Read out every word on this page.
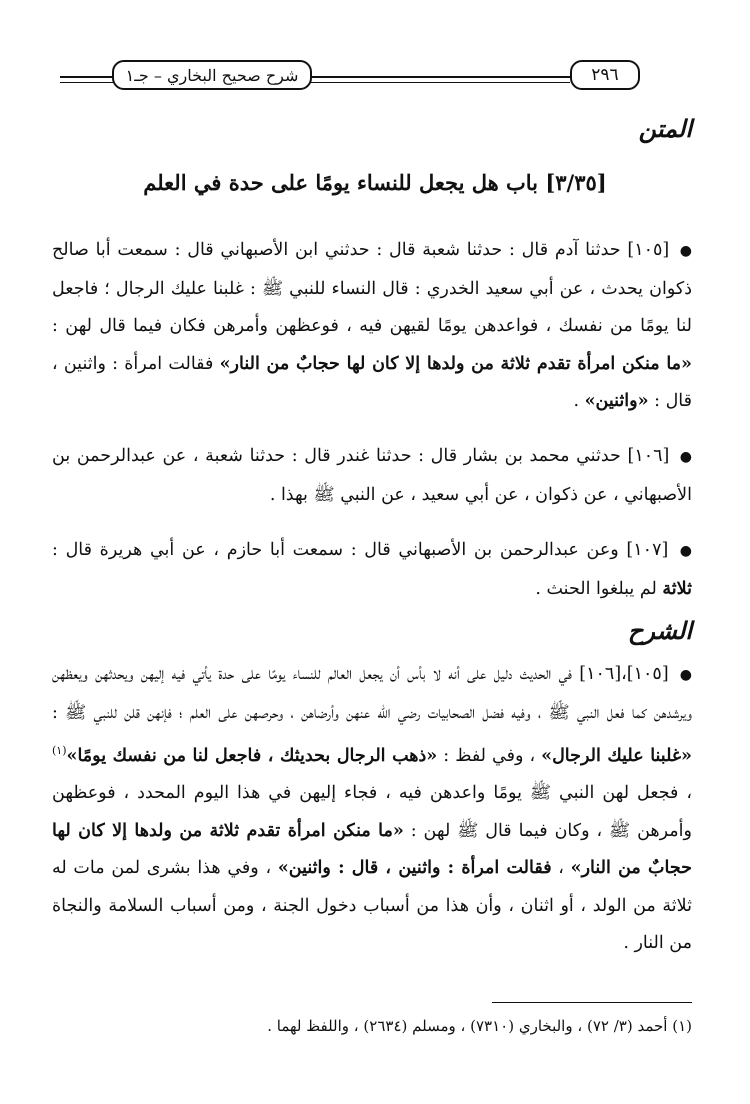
٢٩٦
شرح صحيح البخاري – جـ١
المتن
[٣/٣٥] باب هل يجعل للنساء يومًا على حدة في العلم
● [١٠٥] حدثنا آدم قال : حدثنا شعبة قال : حدثني ابن الأصبهاني قال : سمعت أبا صالح ذكوان يحدث ، عن أبي سعيد الخدري : قال النساء للنبي ﷺ : غلبنا عليك الرجال ؛ فاجعل لنا يومًا من نفسك ، فواعدهن يومًا لقيهن فيه ، فوعظهن وأمرهن فكان فيما قال لهن : «ما منكن امرأة تقدم ثلاثة من ولدها إلا كان لها حجابٌ من النار» فقالت امرأة : واثنين ، قال : «واثنين» .
● [١٠٦] حدثني محمد بن بشار قال : حدثنا غندر قال : حدثنا شعبة ، عن عبدالرحمن بن الأصبهاني ، عن ذكوان ، عن أبي سعيد ، عن النبي ﷺ بهذا .
● [١٠٧] وعن عبدالرحمن بن الأصبهاني قال : سمعت أبا حازم ، عن أبي هريرة قال : ثلاثة لم يبلغوا الحنث .
الشرح
● [١٠٥]،[١٠٦] في الحديث دليل على أنه لا بأس أن يجعل العالم للنساء يومًا على حدة يأتي فيه إليهن ويحدثهن ويعظهن ويرشدهن كما فعل النبي ﷺ ، وفيه فضل الصحابيات رضي الله عنهن وأرضاهن ، وحرصهن على العلم ؛ فإنهن قلن للنبي ﷺ : «غلبنا عليك الرجال» ، وفي لفظ : «ذهب الرجال بحديثك ، فاجعل لنا من نفسك يومًا»$^{(١)}$ ، فجعل لهن النبي ﷺ يومًا واعدهن فيه ، فجاء إليهن في هذا اليوم المحدد ، فوعظهن وأمرهن ﷺ ، وكان فيما قال ﷺ لهن : «ما منكن امرأة تقدم ثلاثة من ولدها إلا كان لها حجابٌ من النار» ، فقالت امرأة : واثنين ، قال : واثنين» ، وفي هذا بشرى لمن مات له ثلاثة من الولد ، أو اثنان ، وأن هذا من أسباب دخول الجنة ، ومن أسباب السلامة والنجاة من النار .
(١) أحمد (٣/ ٧٢) ، والبخاري (٧٣١٠) ، ومسلم (٢٦٣٤) ، واللفظ لهما .
